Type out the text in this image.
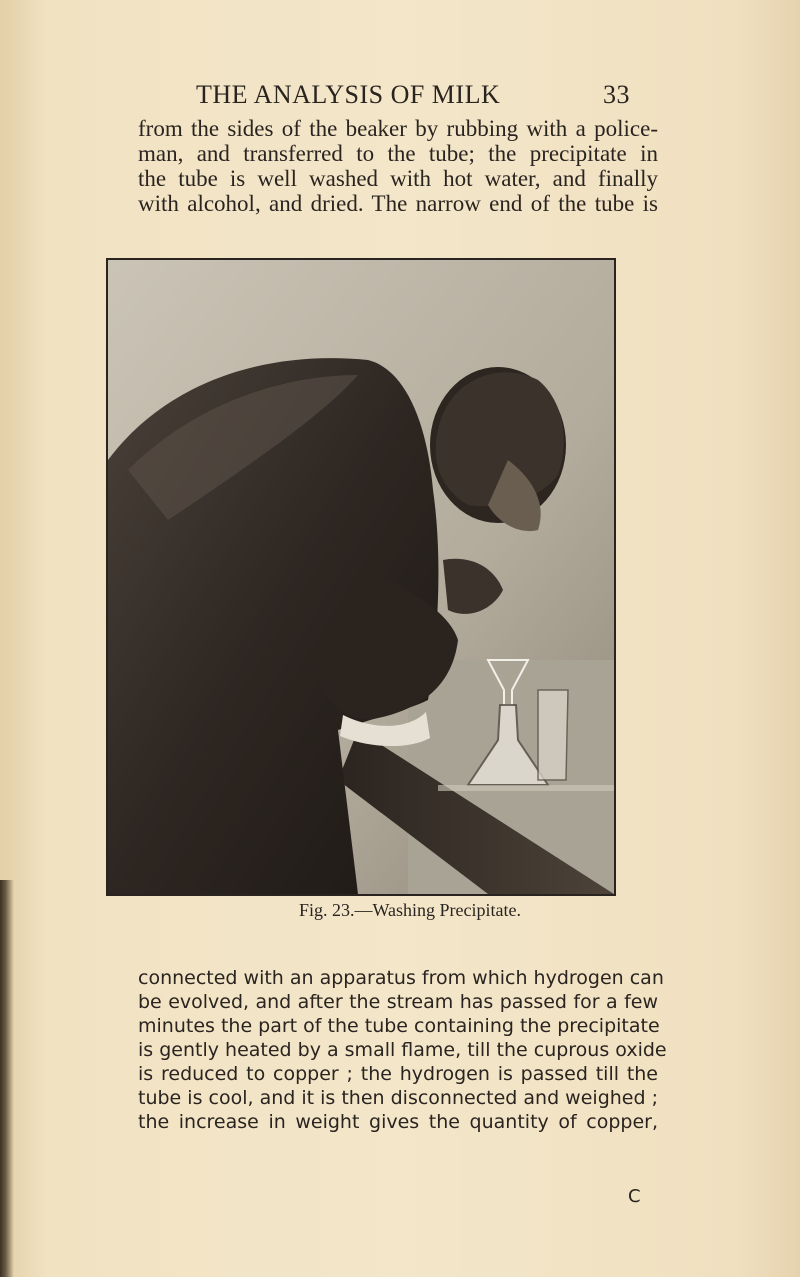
THE ANALYSIS OF MILK	33
from the sides of the beaker by rubbing with a police-
man, and transferred to the tube; the precipitate in
the tube is well washed with hot water, and finally
with alcohol, and dried. The narrow end of the tube is
Fig. 23.—Washing Precipitate.
connected with an apparatus from which hydrogen can
be evolved, and after the stream has passed for a few
minutes the part of the tube containing the precipitate
is gently heated by a small flame, till the cuprous oxide
is reduced to copper ; the hydrogen is passed till the
tube is cool, and it is then disconnected and weighed ;
the increase in weight gives the quantity of copper,
C
